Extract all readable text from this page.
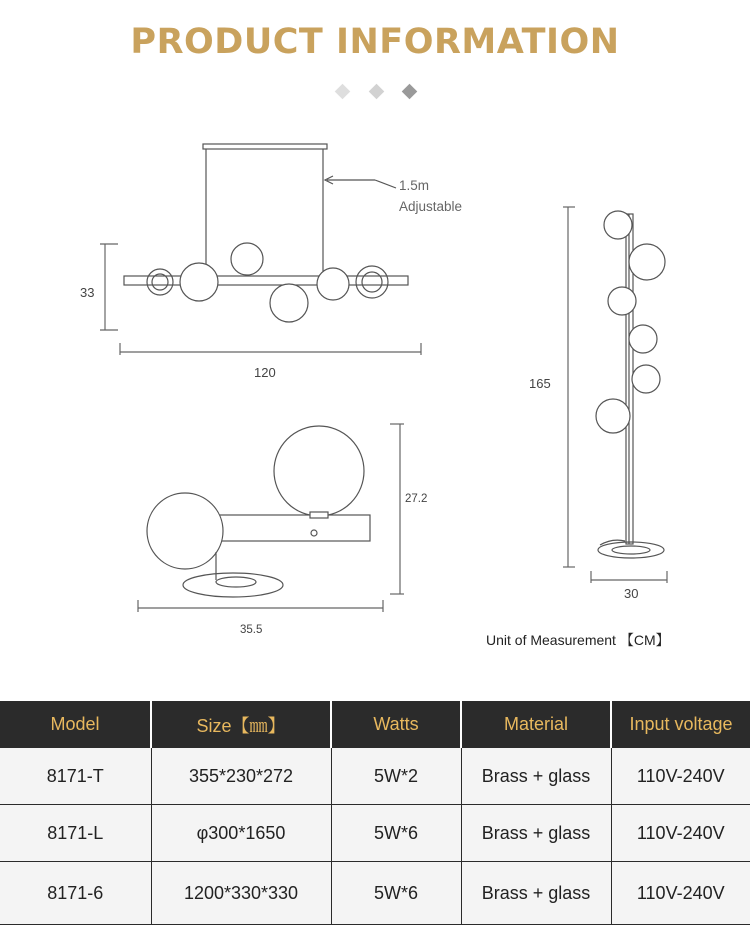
PRODUCT INFORMATION
33
120
1.5m
Adjustable
165
30
27.2
35.5
Unit of Measurement 【CM】
Model	Size【㎜】	Watts	Material	Input voltage
8171-T	355*230*272	5W*2	Brass + glass	110V-240V
8171-L	φ300*1650	5W*6	Brass + glass	110V-240V
8171-6	1200*330*330	5W*6	Brass + glass	110V-240V
